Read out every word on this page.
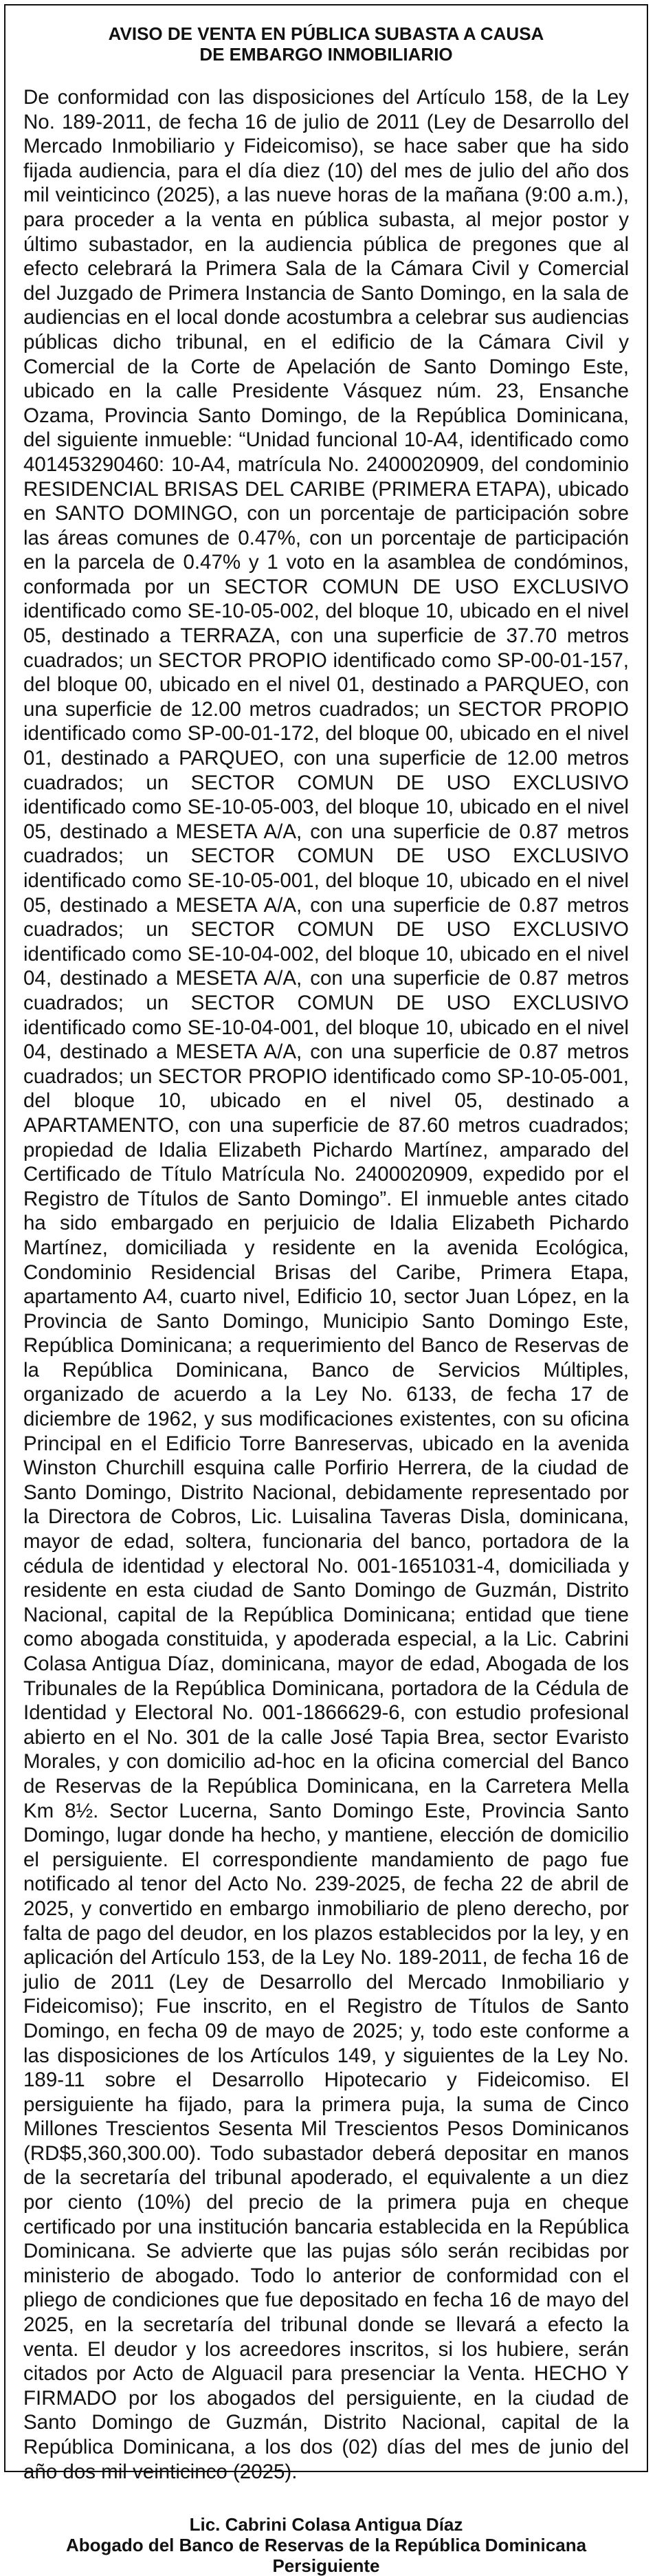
AVISO DE VENTA EN PÚBLICA SUBASTA A CAUSA
DE EMBARGO INMOBILIARIO

De conformidad con las disposiciones del Artículo 158, de la Ley No. 189-2011, de fecha 16 de julio de 2011 (Ley de Desarrollo del Mercado Inmobiliario y Fideicomiso), se hace saber que ha sido fijada audiencia, para el día diez (10) del mes de julio del año dos mil veinticinco (2025), a las nueve horas de la mañana (9:00 a.m.), para proceder a la venta en pública subasta, al mejor postor y último subastador, en la audiencia pública de pregones que al efecto celebrará la Primera Sala de la Cámara Civil y Comercial del Juzgado de Primera Instancia de Santo Domingo, en la sala de audiencias en el local donde acostumbra a celebrar sus audiencias públicas dicho tribunal, en el edificio de la Cámara Civil y Comercial de la Corte de Apelación de Santo Domingo Este, ubicado en la calle Presidente Vásquez núm. 23, Ensanche Ozama, Provincia Santo Domingo, de la República Dominicana, del siguiente inmueble: “Unidad funcional 10-A4, identificado como 401453290460: 10-A4, matrícula No. 2400020909, del condominio RESIDENCIAL BRISAS DEL CARIBE (PRIMERA ETAPA), ubicado en SANTO DOMINGO, con un porcentaje de participación sobre las áreas comunes de 0.47%, con un porcentaje de participación en la parcela de 0.47% y 1 voto en la asamblea de condóminos, conformada por un SECTOR COMUN DE USO EXCLUSIVO identificado como SE-10-05-002, del bloque 10, ubicado en el nivel 05, destinado a TERRAZA, con una superficie de 37.70 metros cuadrados; un SECTOR PROPIO identificado como SP-00-01-157, del bloque 00, ubicado en el nivel 01, destinado a PARQUEO, con una superficie de 12.00 metros cuadrados; un SECTOR PROPIO identificado como SP-00-01-172, del bloque 00, ubicado en el nivel 01, destinado a PARQUEO, con una superficie de 12.00 metros cuadrados; un SECTOR COMUN DE USO EXCLUSIVO identificado como SE-10-05-003, del bloque 10, ubicado en el nivel 05, destinado a MESETA A/A, con una superficie de 0.87 metros cuadrados; un SECTOR COMUN DE USO EXCLUSIVO identificado como SE-10-05-001, del bloque 10, ubicado en el nivel 05, destinado a MESETA A/A, con una superficie de 0.87 metros cuadrados; un SECTOR COMUN DE USO EXCLUSIVO identificado como SE-10-04-002, del bloque 10, ubicado en el nivel 04, destinado a MESETA A/A, con una superficie de 0.87 metros cuadrados; un SECTOR COMUN DE USO EXCLUSIVO identificado como SE-10-04-001, del bloque 10, ubicado en el nivel 04, destinado a MESETA A/A, con una superficie de 0.87 metros cuadrados; un SECTOR PROPIO identificado como SP-10-05-001, del bloque 10, ubicado en el nivel 05, destinado a APARTAMENTO, con una superficie de 87.60 metros cuadrados; propiedad de Idalia Elizabeth Pichardo Martínez, amparado del Certificado de Título Matrícula No. 2400020909, expedido por el Registro de Títulos de Santo Domingo”. El inmueble antes citado ha sido embargado en perjuicio de Idalia Elizabeth Pichardo Martínez, domiciliada y residente en la avenida Ecológica, Condominio Residencial Brisas del Caribe, Primera Etapa, apartamento A4, cuarto nivel, Edificio 10, sector Juan López, en la Provincia de Santo Domingo, Municipio Santo Domingo Este, República Dominicana; a requerimiento del Banco de Reservas de la República Dominicana, Banco de Servicios Múltiples, organizado de acuerdo a la Ley No. 6133, de fecha 17 de diciembre de 1962, y sus modificaciones existentes, con su oficina Principal en el Edificio Torre Banreservas, ubicado en la avenida Winston Churchill esquina calle Porfirio Herrera, de la ciudad de Santo Domingo, Distrito Nacional, debidamente representado por la Directora de Cobros, Lic. Luisalina Taveras Disla, dominicana, mayor de edad, soltera, funcionaria del banco, portadora de la cédula de identidad y electoral No. 001-1651031-4, domiciliada y residente en esta ciudad de Santo Domingo de Guzmán, Distrito Nacional, capital de la República Dominicana; entidad que tiene como abogada constituida, y apoderada especial, a la Lic. Cabrini Colasa Antigua Díaz, dominicana, mayor de edad, Abogada de los Tribunales de la República Dominicana, portadora de la Cédula de Identidad y Electoral No. 001-1866629-6, con estudio profesional abierto en el No. 301 de la calle José Tapia Brea, sector Evaristo Morales, y con domicilio ad-hoc en la oficina comercial del Banco de Reservas de la República Dominicana, en la Carretera Mella Km 8½. Sector Lucerna, Santo Domingo Este, Provincia Santo Domingo, lugar donde ha hecho, y mantiene, elección de domicilio el persiguiente. El correspondiente mandamiento de pago fue notificado al tenor del Acto No. 239-2025, de fecha 22 de abril de 2025, y convertido en embargo inmobiliario de pleno derecho, por falta de pago del deudor, en los plazos establecidos por la ley, y en aplicación del Artículo 153, de la Ley No. 189-2011, de fecha 16 de julio de 2011 (Ley de Desarrollo del Mercado Inmobiliario y Fideicomiso); Fue inscrito, en el Registro de Títulos de Santo Domingo, en fecha 09 de mayo de 2025; y, todo este conforme a las disposiciones de los Artículos 149, y siguientes de la Ley No. 189-11 sobre el Desarrollo Hipotecario y Fideicomiso. El persiguiente ha fijado, para la primera puja, la suma de Cinco Millones Trescientos Sesenta Mil Trescientos Pesos Dominicanos (RD$5,360,300.00). Todo subastador deberá depositar en manos de la secretaría del tribunal apoderado, el equivalente a un diez por ciento (10%) del precio de la primera puja en cheque certificado por una institución bancaria establecida en la República Dominicana. Se advierte que las pujas sólo serán recibidas por ministerio de abogado. Todo lo anterior de conformidad con el pliego de condiciones que fue depositado en fecha 16 de mayo del 2025, en la secretaría del tribunal donde se llevará a efecto la venta. El deudor y los acreedores inscritos, si los hubiere, serán citados por Acto de Alguacil para presenciar la Venta. HECHO Y FIRMADO por los abogados del persiguiente, en la ciudad de Santo Domingo de Guzmán, Distrito Nacional, capital de la República Dominicana, a los dos (02) días del mes de junio del año dos mil veinticinco (2025).

Lic. Cabrini Colasa Antigua Díaz
Abogado del Banco de Reservas de la República Dominicana
Persiguiente
